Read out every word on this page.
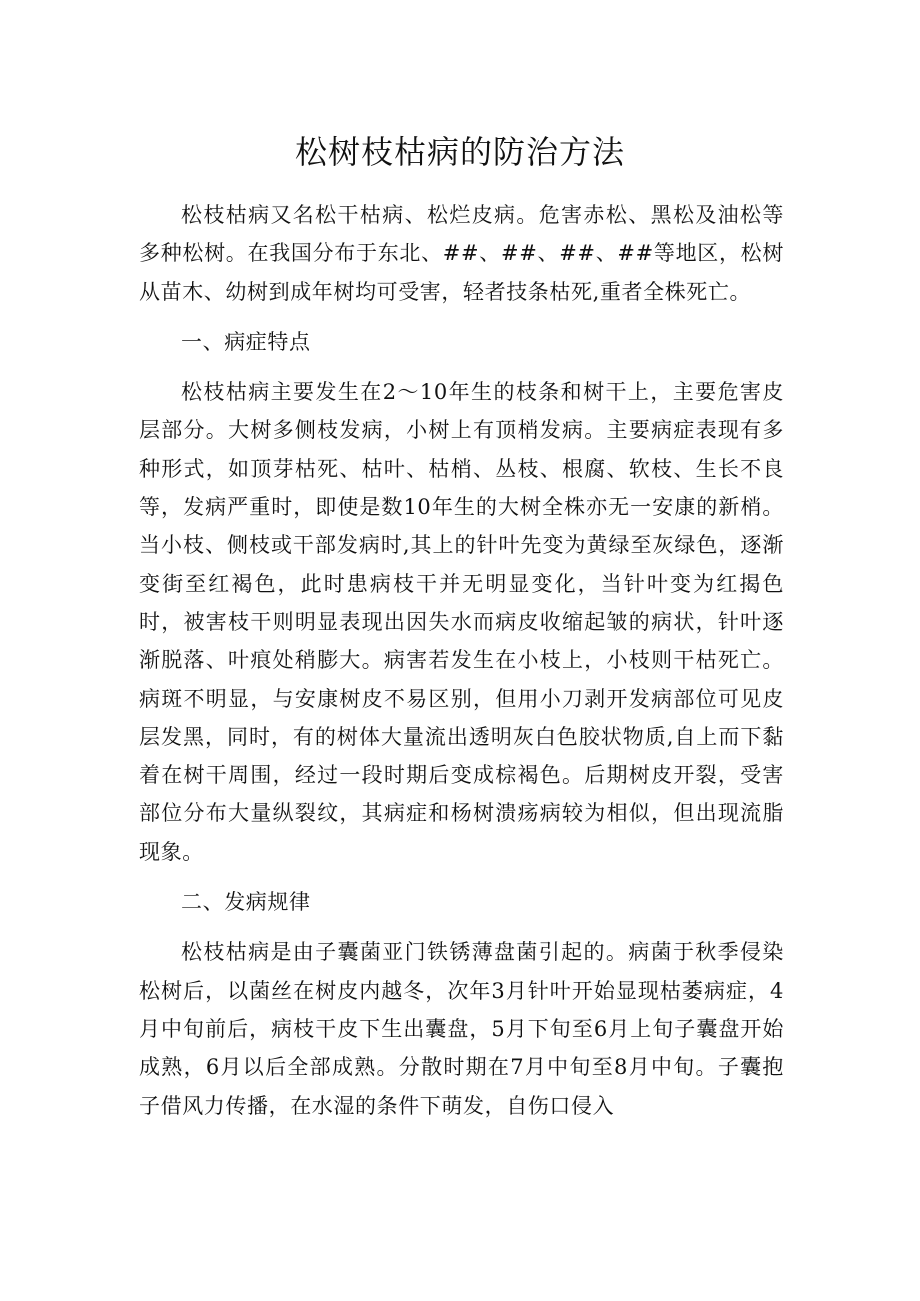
松树枝枯病的防治方法

松枝枯病又名松干枯病、松烂皮病。危害赤松、黑松及油松等多种松树。在我国分布于东北、##、##、##、##等地区，松树从苗木、幼树到成年树均可受害，轻者技条枯死,重者全株死亡。

一、病症特点

松枝枯病主要发生在2～10年生的枝条和树干上，主要危害皮层部分。大树多侧枝发病，小树上有顶梢发病。主要病症表现有多种形式，如顶芽枯死、枯叶、枯梢、丛枝、根腐、软枝、生长不良等，发病严重时，即使是数10年生的大树全株亦无一安康的新梢。当小枝、侧枝或干部发病时,其上的针叶先变为黄绿至灰绿色，逐渐变街至红褐色，此时患病枝干并无明显变化，当针叶变为红揭色时，被害枝干则明显表现出因失水而病皮收缩起皱的病状，针叶逐渐脱落、叶痕处稍膨大。病害若发生在小枝上，小枝则干枯死亡。病斑不明显，与安康树皮不易区别，但用小刀剥开发病部位可见皮层发黑，同时，有的树体大量流出透明灰白色胶状物质,自上而下黏着在树干周围，经过一段时期后变成棕褐色。后期树皮开裂，受害部位分布大量纵裂纹，其病症和杨树溃疡病较为相似，但出现流脂现象。

二、发病规律

松枝枯病是由子囊菌亚门铁锈薄盘菌引起的。病菌于秋季侵染松树后，以菌丝在树皮内越冬，次年3月针叶开始显现枯萎病症，4月中旬前后，病枝干皮下生出囊盘，5月下旬至6月上旬子囊盘开始成熟，6月以后全部成熟。分散时期在7月中旬至8月中旬。子囊抱子借风力传播，在水湿的条件下萌发，自伤口侵入
